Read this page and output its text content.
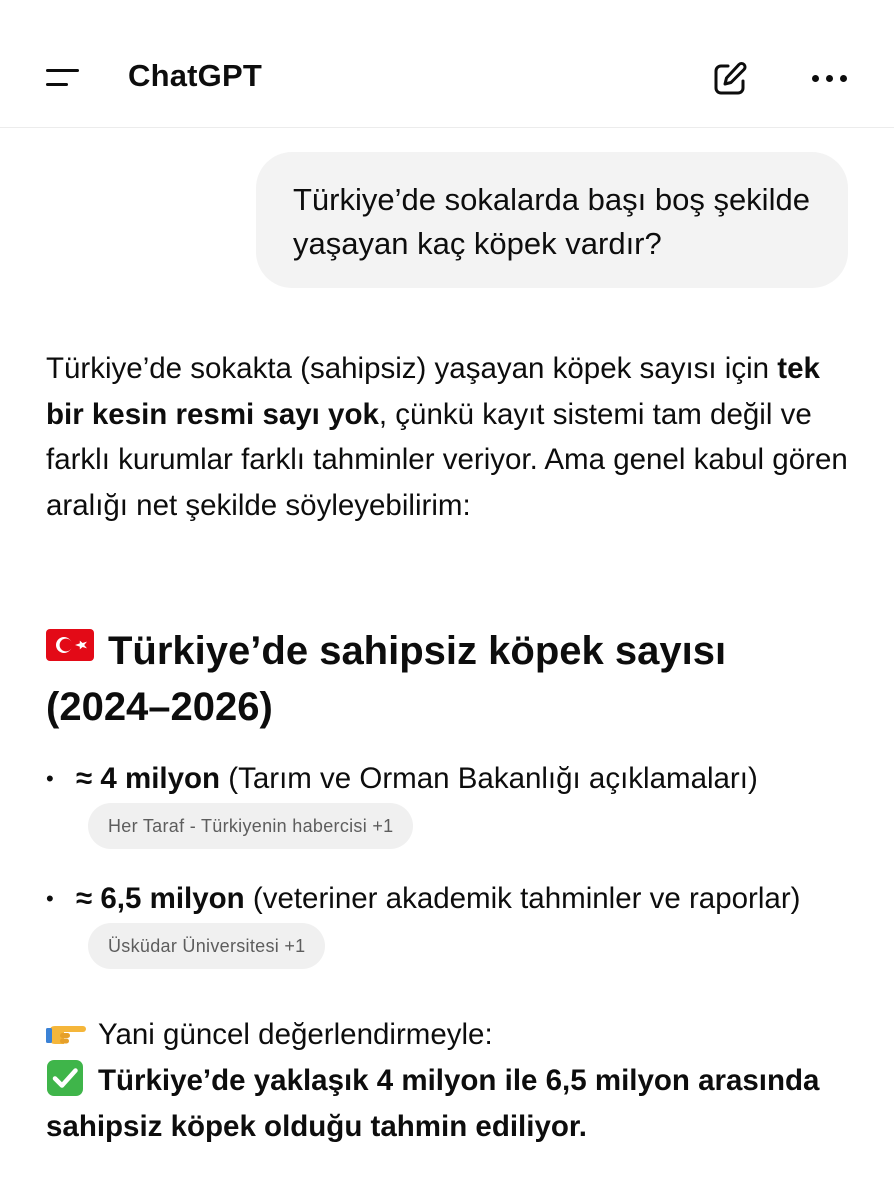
ChatGPT
Türkiye’de sokalarda başı boş şekilde yaşayan kaç köpek vardır?
Türkiye’de sokakta (sahipsiz) yaşayan köpek sayısı için tek bir kesin resmi sayı yok, çünkü kayıt sistemi tam değil ve farklı kurumlar farklı tahminler veriyor. Ama genel kabul gören aralığı net şekilde söyleyebilirim:
Türkiye’de sahipsiz köpek sayısı (2024–2026)
• ≈ 4 milyon (Tarım ve Orman Bakanlığı açıklamaları)Her Taraf - Türkiyenin habercisi +1
• ≈ 6,5 milyon (veteriner akademik tahminler ve raporlar)Üsküdar Üniversitesi +1
Yani güncel değerlendirmeyle:
Türkiye’de yaklaşık 4 milyon ile 6,5 milyon arasında sahipsiz köpek olduğu tahmin ediliyor.
